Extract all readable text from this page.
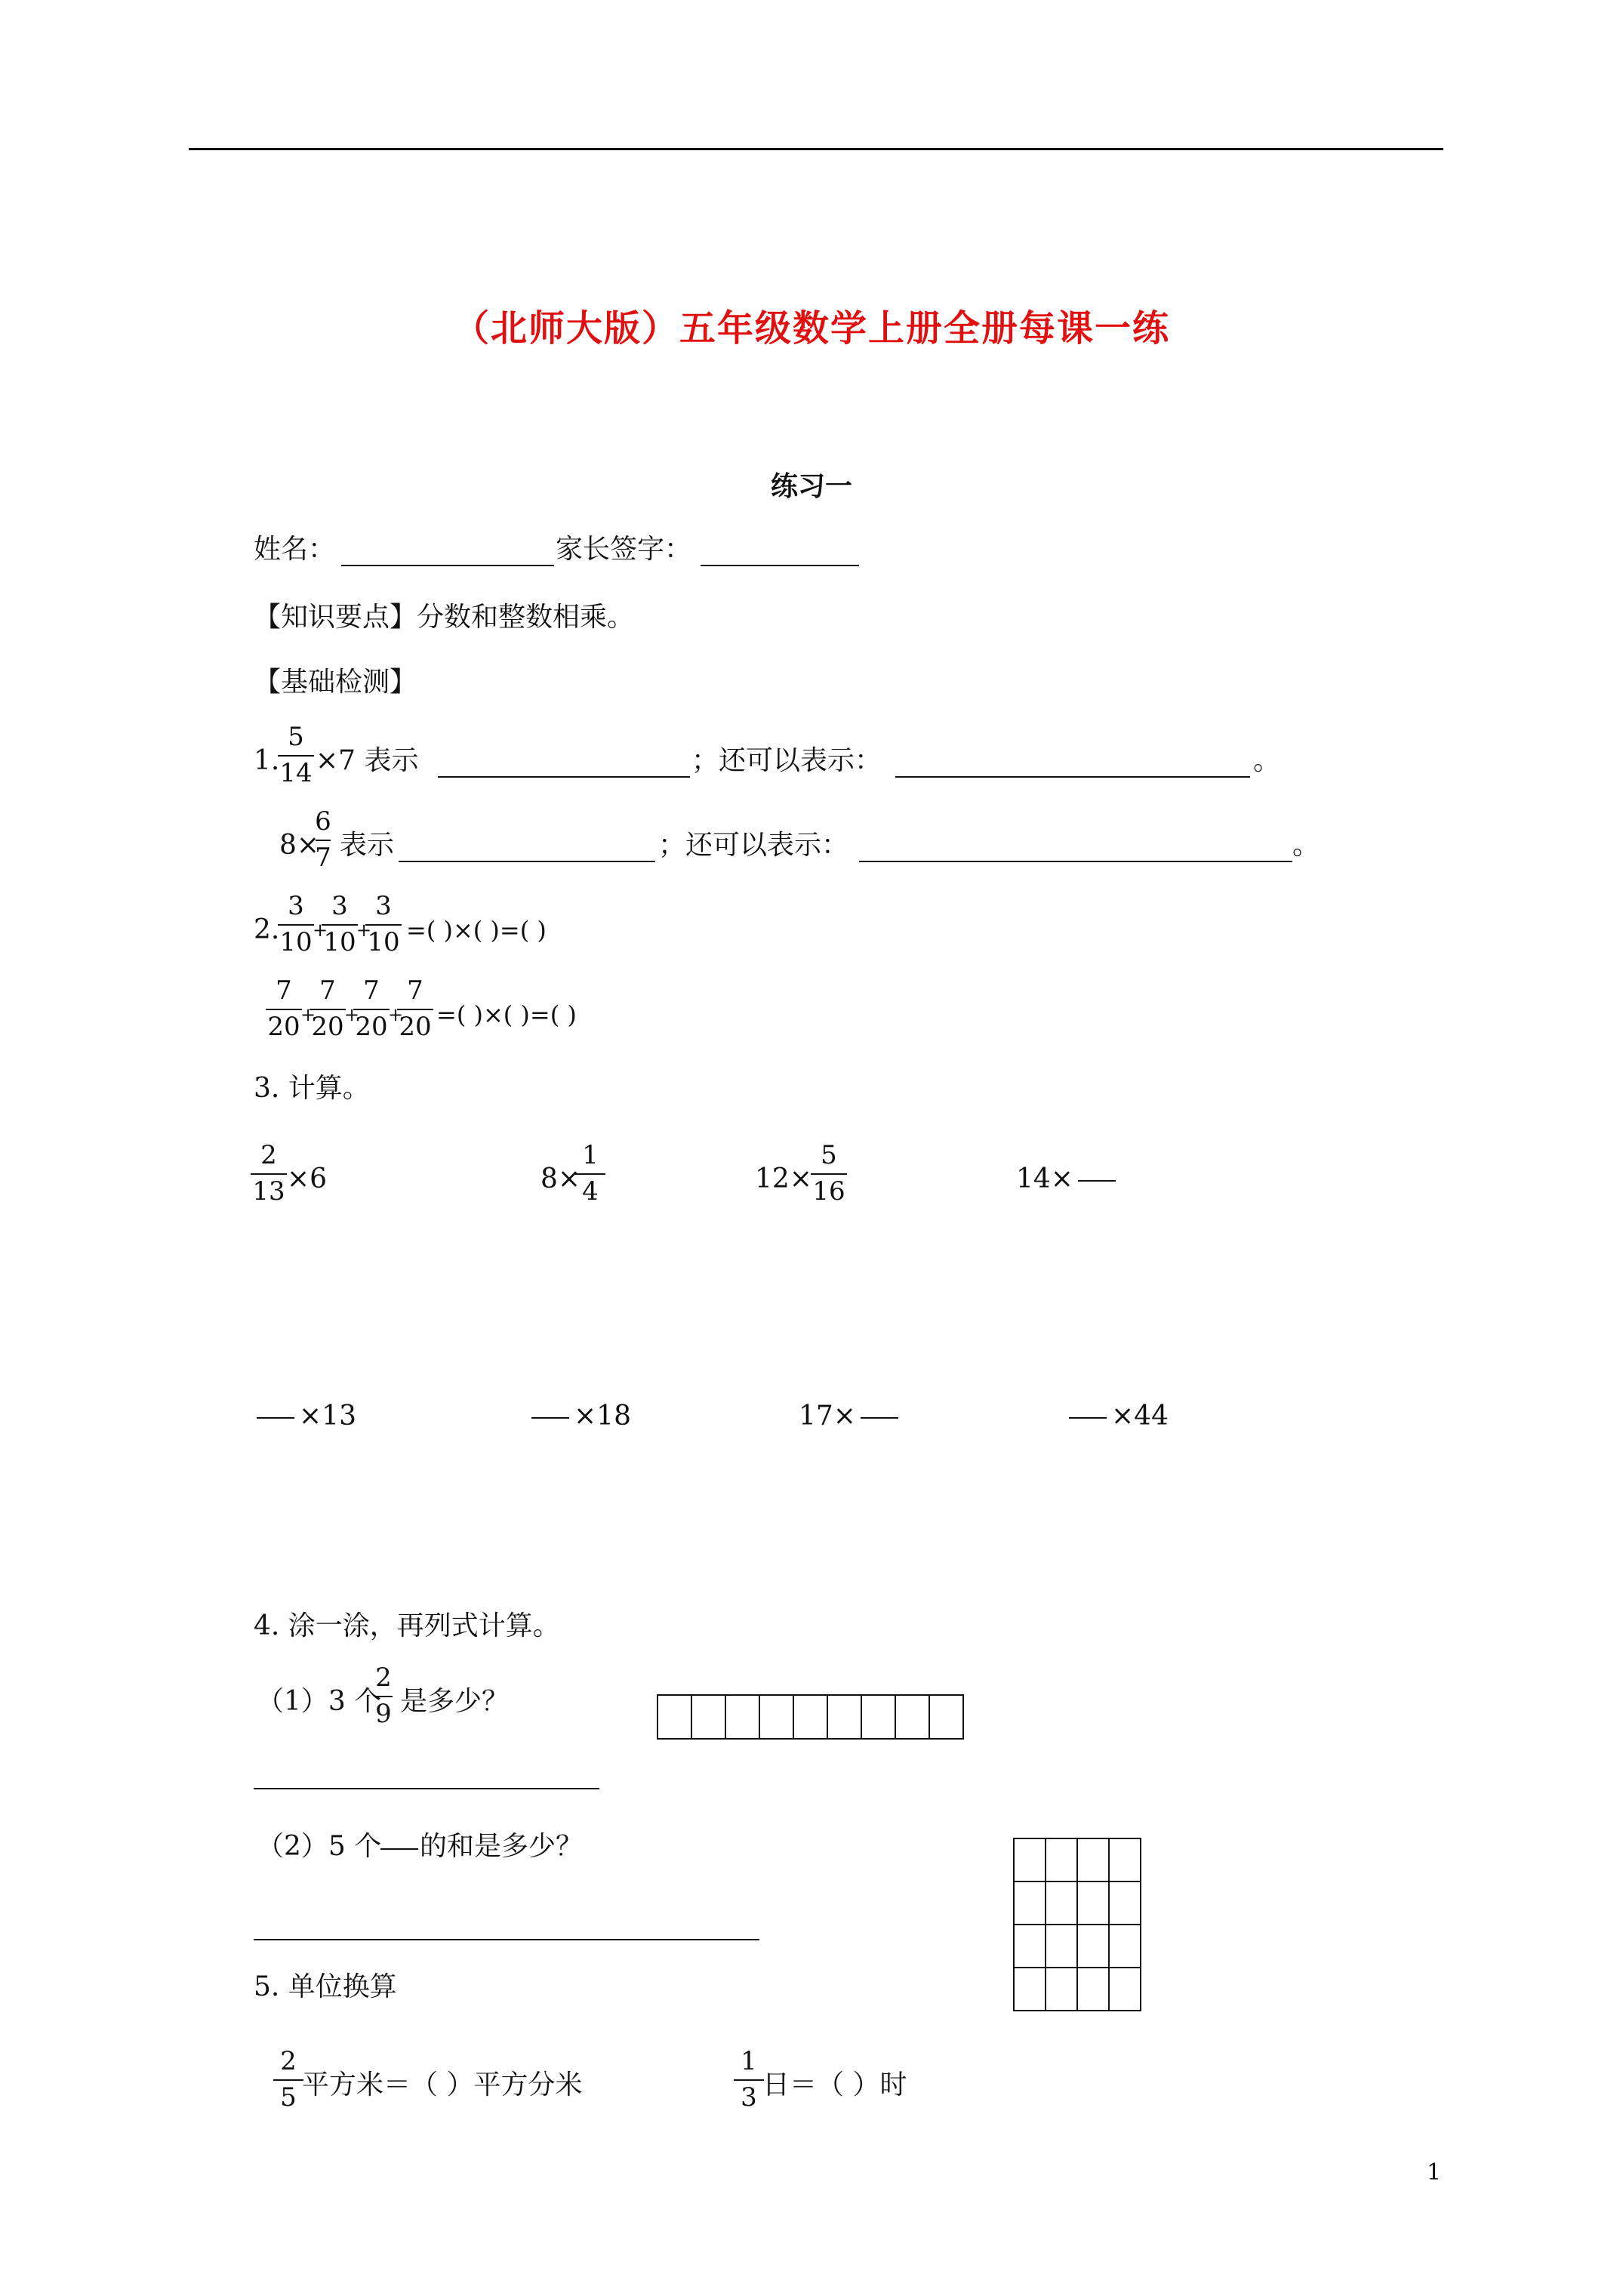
（北师大版）五年级数学上册全册每课一练
练习一
姓名：	家长签字：
【知识要点】分数和整数相乘。
【基础检测】
1.
5
14 ×7 表示	；还可以表示：	。
8×
6
7 表示	；还可以表示：	。
2.
3
10 +
3
10 +
3
10 =( )×( )=( )
7
20 +
7
20 +
7
20 +
7
20 =( )×( )=( )
3. 计算。
2
13 ×6	8×
1
4	12×
5
16	14×
×13	×18	17×	×44
4. 涂一涂，再列式计算。
（1）3 个
2
9 是多少？

（2）5 个 的和是多少？

5. 单位换算
2
5 平方米＝（ ）平方分米
1
3 日＝（ ）时
1
